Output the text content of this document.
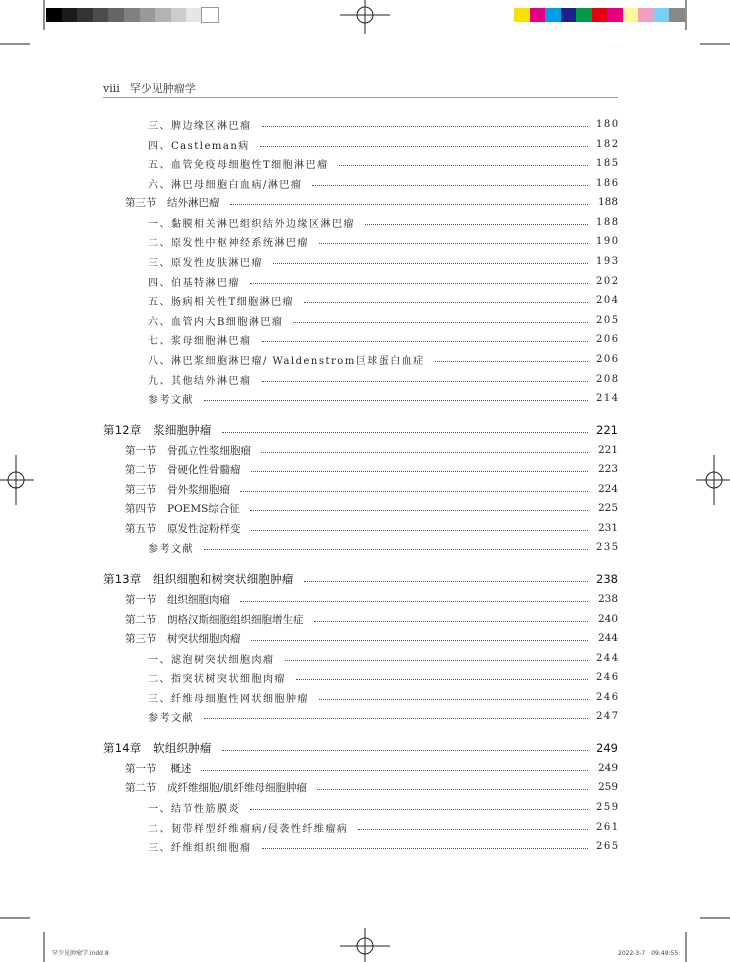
viii 罕少见肿瘤学
三、脾边缘区淋巴瘤	180
四、Castleman病	182
五、血管免疫母细胞性T细胞淋巴瘤	185
六、淋巴母细胞白血病/淋巴瘤	186
第三节　结外淋巴瘤	188
一、黏膜相关淋巴组织结外边缘区淋巴瘤	188
二、原发性中枢神经系统淋巴瘤	190
三、原发性皮肤淋巴瘤	193
四、伯基特淋巴瘤	202
五、肠病相关性T细胞淋巴瘤	204
六、血管内大B细胞淋巴瘤	205
七、浆母细胞淋巴瘤	206
八、淋巴浆细胞淋巴瘤/ Waldenstrom巨球蛋白血症	206
九、其他结外淋巴瘤	208
参考文献	214
第12章　浆细胞肿瘤	221
第一节　骨孤立性浆细胞瘤	221
第二节　骨硬化性骨髓瘤	223
第三节　骨外浆细胞瘤	224
第四节　POEMS综合征	225
第五节　原发性淀粉样变	231
参考文献	235
第13章　组织细胞和树突状细胞肿瘤	238
第一节　组织细胞肉瘤	238
第二节　朗格汉斯细胞组织细胞增生症	240
第三节　树突状细胞肉瘤	244
一、滤泡树突状细胞肉瘤	244
二、指突状树突状细胞肉瘤	246
三、纤维母细胞性网状细胞肿瘤	246
参考文献	247
第14章　软组织肿瘤	249
第一节　 概述	249
第二节　成纤维细胞/肌纤维母细胞肿瘤	259
一、结节性筋膜炎	259
二、韧带样型纤维瘤病/侵袭性纤维瘤病	261
三、纤维组织细胞瘤	265
罕少见肿瘤学.indd 8	2022-3-7　09:49:55
